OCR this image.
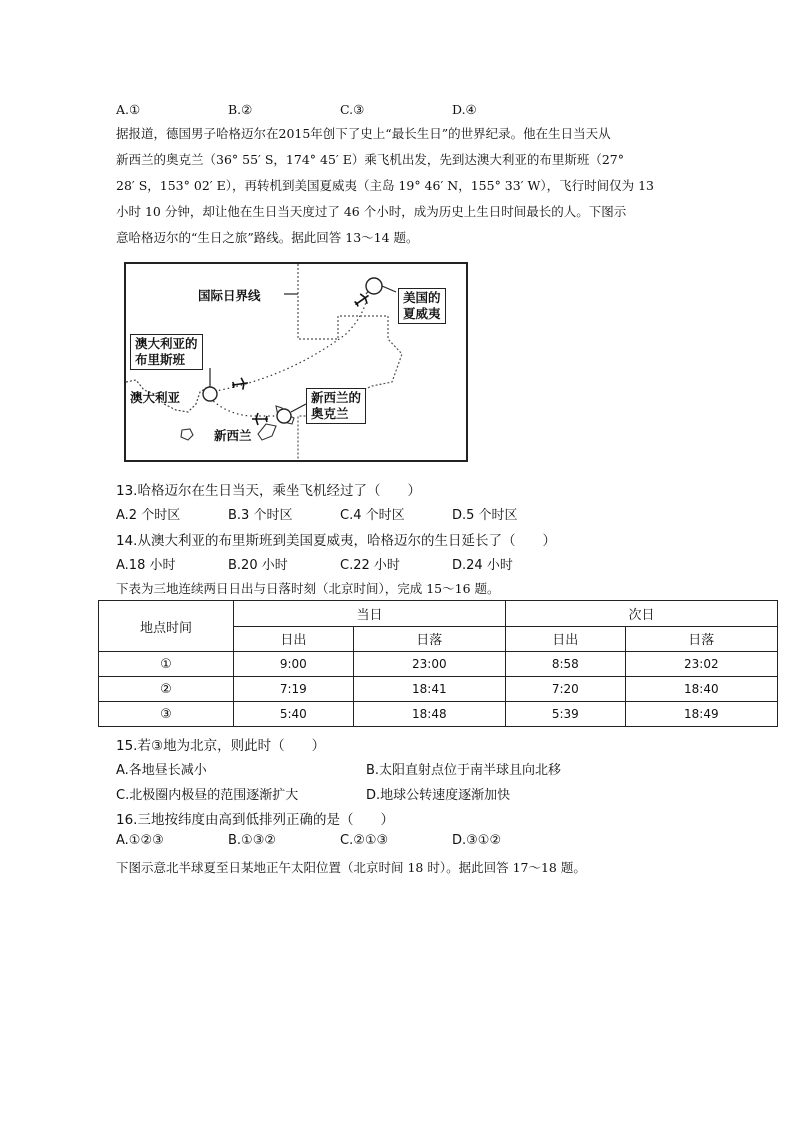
A.①	B.②	C.③	D.④

据报道，德国男子哈格迈尔在2015年创下了史上“最长生日”的世界纪录。他在生日当天从

新西兰的奥克兰（36° 55′ S，174° 45′ E）乘飞机出发，先到达澳大利亚的布里斯班（27°

28′ S，153° 02′ E），再转机到美国夏威夷（主岛 19° 46′ N，155° 33′ W），飞行时间仅为 13

小时 10 分钟，却让他在生日当天度过了 46 个小时，成为历史上生日时间最长的人。下图示

意哈格迈尔的“生日之旅”路线。据此回答 13～14 题。

国际日界线	美国的
夏威夷
澳大利亚的
布里斯班
澳大利亚	新西兰的
奥克兰
新西兰
13.哈格迈尔在生日当天，乘坐飞机经过了（　　）
A.2 个时区	B.3 个时区	C.4 个时区	D.5 个时区
14.从澳大利亚的布里斯班到美国夏威夷，哈格迈尔的生日延长了（　　）
A.18 小时	B.20 小时	C.22 小时	D.24 小时
下表为三地连续两日日出与日落时刻（北京时间），完成 15～16 题。
地点时间	当日		次日	
	日出	日落	日出	日落
①	9:00	23:00	8:58	23:02
②	7:19	18:41	7:20	18:40
③	5:40	18:48	5:39	18:49
15.若③地为北京，则此时（　　）
A.各地昼长减小	B.太阳直射点位于南半球且向北移
C.北极圈内极昼的范围逐渐扩大	D.地球公转速度逐渐加快
16.三地按纬度由高到低排列正确的是（　　）
A.①②③	B.①③②	C.②①③	D.③①②
下图示意北半球夏至日某地正午太阳位置（北京时间 18 时）。据此回答 17～18 题。
